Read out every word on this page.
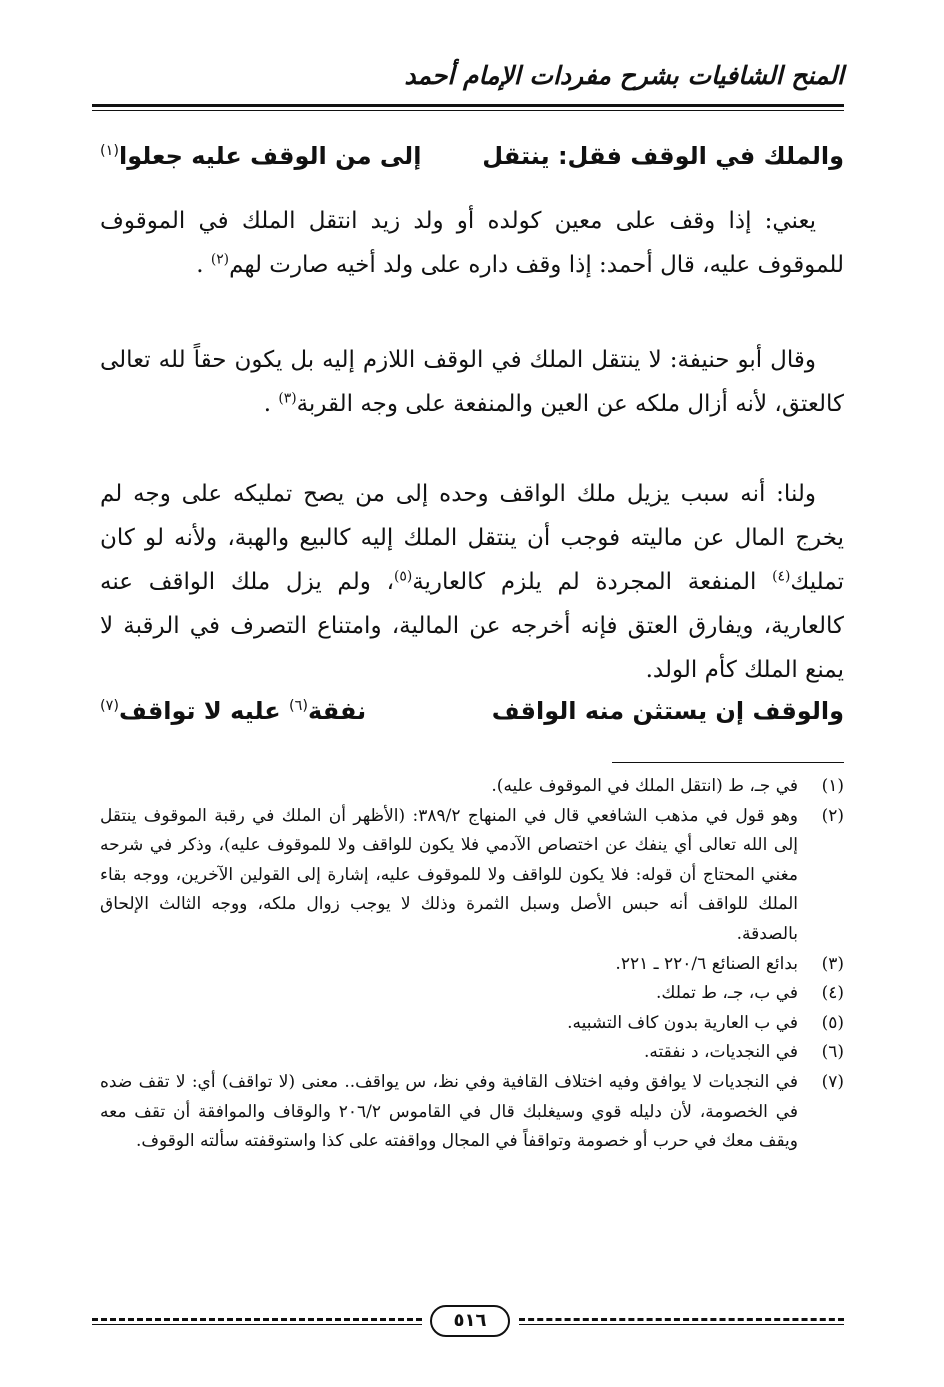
المنح الشافيات بشرح مفردات الإمام أحمد
والملك في الوقف فقل: ينتقل
إلى من الوقف عليه جعلوا$^{(١)}$

يعني: إذا وقف على معين كولده أو ولد زيد انتقل الملك في الموقوف للموقوف عليه، قال أحمد: إذا وقف داره على ولد أخيه صارت لهم$^{(٢)}$ .

وقال أبو حنيفة: لا ينتقل الملك في الوقف اللازم إليه بل يكون حقاً لله تعالى كالعتق، لأنه أزال ملكه عن العين والمنفعة على وجه القربة$^{(٣)}$ .

ولنا: أنه سبب يزيل ملك الواقف وحده إلى من يصح تمليكه على وجه لم يخرج المال عن ماليته فوجب أن ينتقل الملك إليه كالبيع والهبة، ولأنه لو كان تمليك$^{(٤)}$ المنفعة المجردة لم يلزم كالعارية$^{(٥)}$، ولم يزل ملك الواقف عنه كالعارية، ويفارق العتق فإنه أخرجه عن المالية، وامتناع التصرف في الرقبة لا يمنع الملك كأم الولد.

والوقف إن يستثن منه الواقف
نفقة$^{(٦)}$ عليه لا تواقف$^{(٧)}$
(١)
في جـ، ط (انتقل الملك في الموقوف عليه).
(٢)
وهو قول في مذهب الشافعي قال في المنهاج ٣٨٩/٢: (الأظهر أن الملك في رقبة الموقوف ينتقل إلى الله تعالى أي ينفك عن اختصاص الآدمي فلا يكون للواقف ولا للموقوف عليه)، وذكر في شرحه مغني المحتاج أن قوله: فلا يكون للواقف ولا للموقوف عليه، إشارة إلى القولين الآخرين، ووجه بقاء الملك للواقف أنه حبس الأصل وسبل الثمرة وذلك لا يوجب زوال ملكه، ووجه الثالث الإلحاق بالصدقة.
(٣)
بدائع الصنائع ٢٢٠/٦ ـ ٢٢١.
(٤)
في ب، جـ، ط تملك.
(٥)
في ب العارية بدون كاف التشبيه.
(٦)
في النجديات، د نفقته.
(٧)
في النجديات لا يوافق وفيه اختلاف القافية وفي نظ، س يواقف.. معنى (لا تواقف) أي: لا تقف ضده في الخصومة، لأن دليله قوي وسيغلبك قال في القاموس ٢٠٦/٢ والوقاف والموافقة أن تقف معه ويقف معك في حرب أو خصومة وتواقفاً في المجال وواقفته على كذا واستوقفته سألته الوقوف.
٥١٦
